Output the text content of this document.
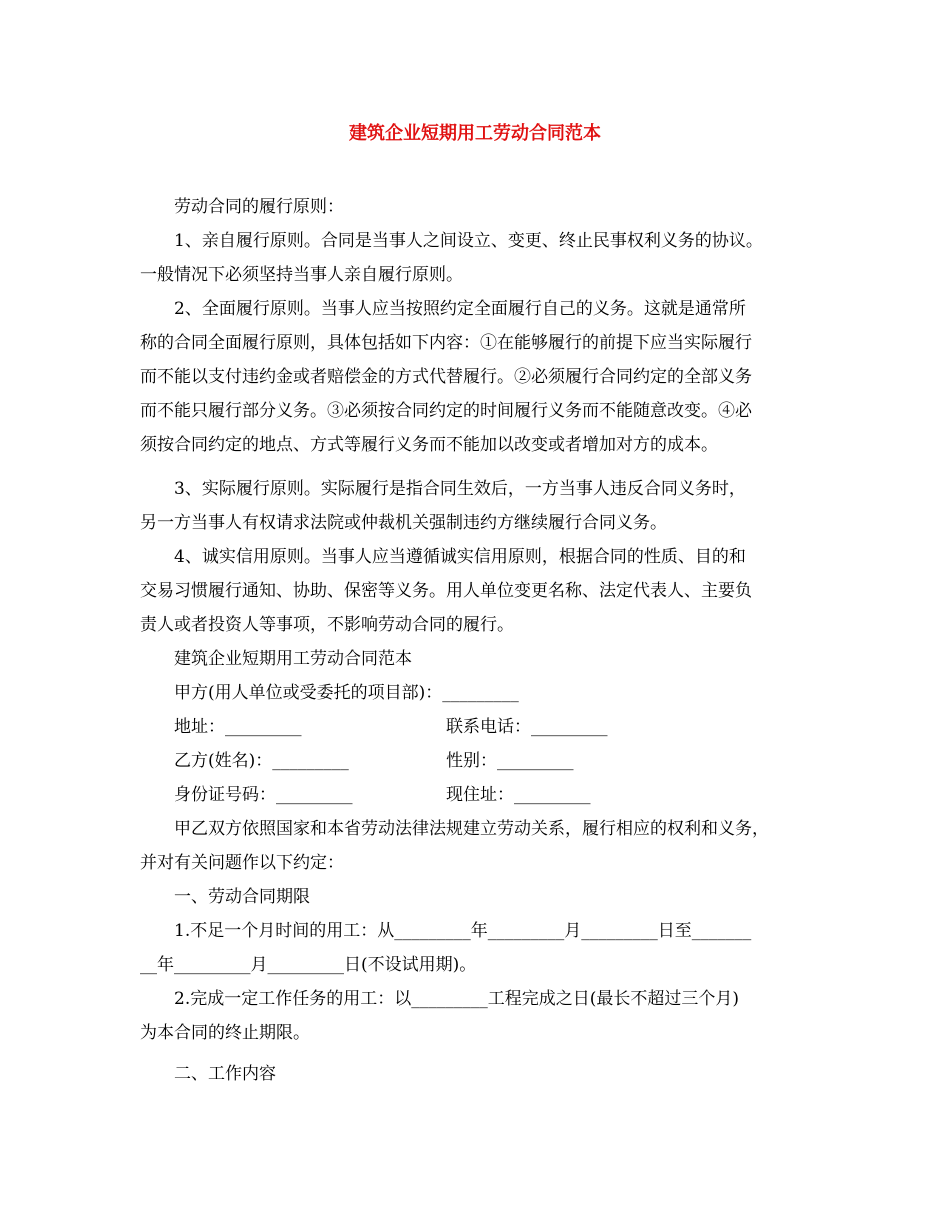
建筑企业短期用工劳动合同范本
劳动合同的履行原则：
1、亲自履行原则。合同是当事人之间设立、变更、终止民事权利义务的协议。
一般情况下必须坚持当事人亲自履行原则。
2、全面履行原则。当事人应当按照约定全面履行自己的义务。这就是通常所
称的合同全面履行原则，具体包括如下内容：①在能够履行的前提下应当实际履行
而不能以支付违约金或者赔偿金的方式代替履行。②必须履行合同约定的全部义务
而不能只履行部分义务。③必须按合同约定的时间履行义务而不能随意改变。④必
须按合同约定的地点、方式等履行义务而不能加以改变或者增加对方的成本。
3、实际履行原则。实际履行是指合同生效后，一方当事人违反合同义务时，
另一方当事人有权请求法院或仲裁机关强制违约方继续履行合同义务。
4、诚实信用原则。当事人应当遵循诚实信用原则，根据合同的性质、目的和
交易习惯履行通知、协助、保密等义务。用人单位变更名称、法定代表人、主要负
责人或者投资人等事项，不影响劳动合同的履行。
建筑企业短期用工劳动合同范本
甲方(用人单位或受委托的项目部)：_________
地址：_________	联系电话：_________
乙方(姓名)：_________	性别：_________
身份证号码：_________	现住址：_________
甲乙双方依照国家和本省劳动法律法规建立劳动关系，履行相应的权利和义务，
并对有关问题作以下约定：
一、劳动合同期限
1.不足一个月时间的用工：从_________年_________月_________日至_______
__年_________月_________日(不设试用期)。
2.完成一定工作任务的用工：以_________工程完成之日(最长不超过三个月)
为本合同的终止期限。
二、工作内容
